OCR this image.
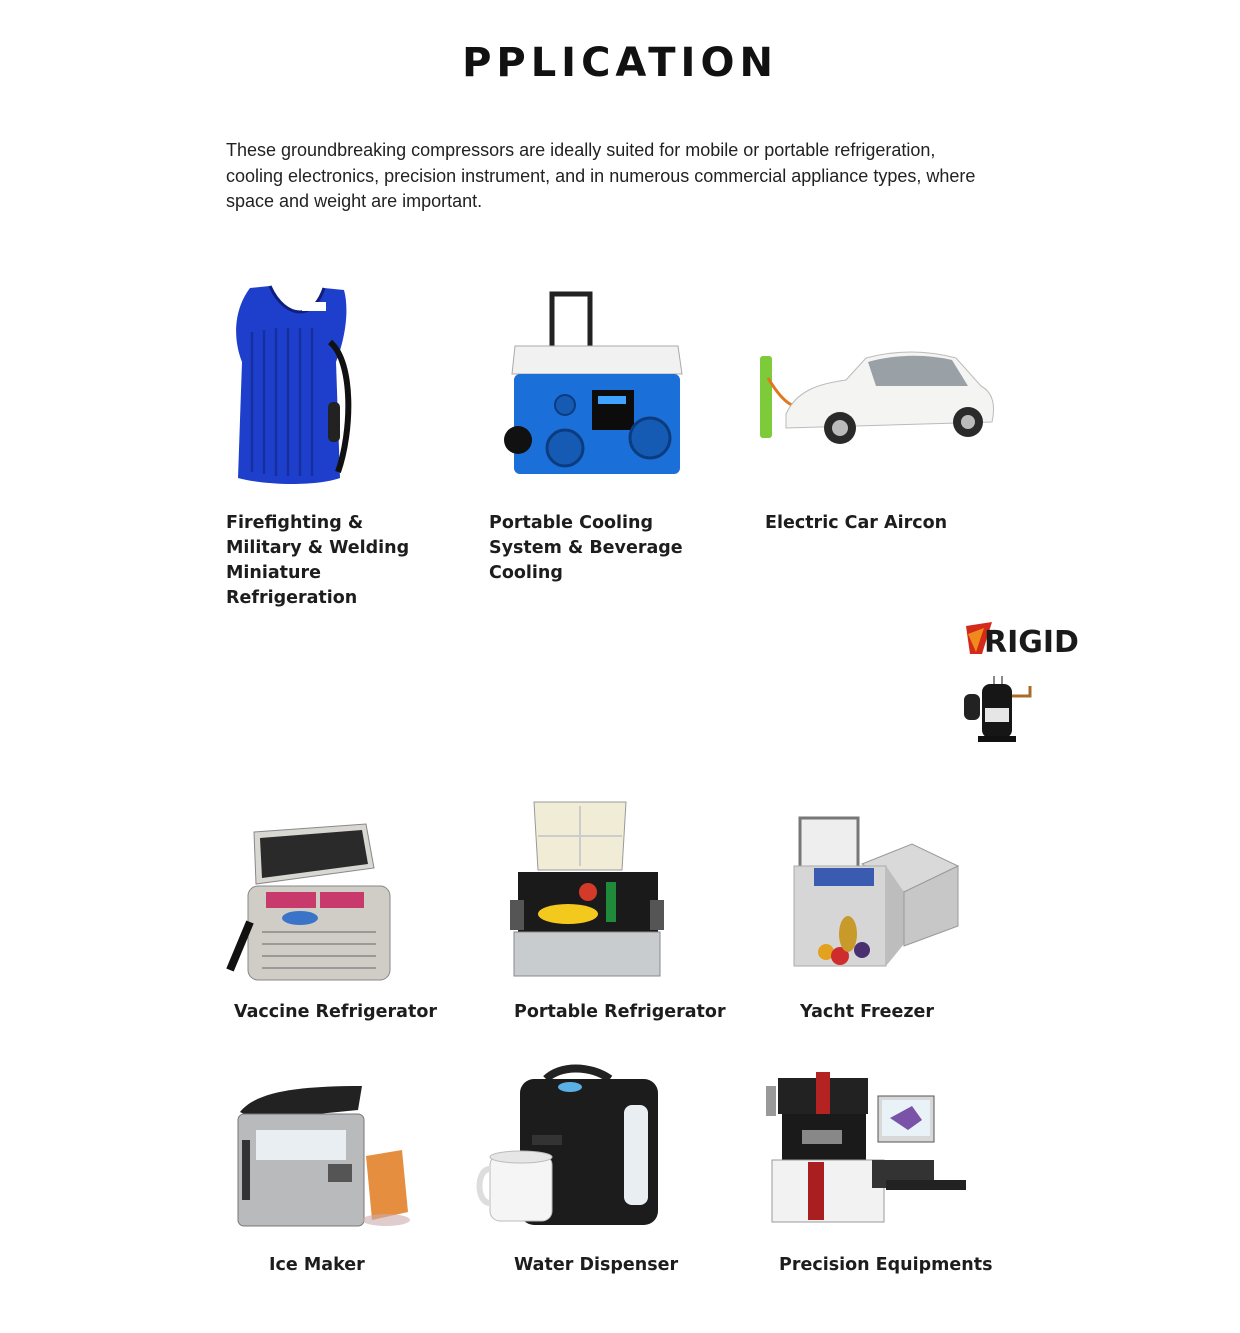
PPLICATION
These groundbreaking compressors are ideally suited for mobile or portable refrigeration, cooling electronics, precision instrument, and in numerous commercial appliance types, where space and weight are important.
Firefighting & Military & Welding Miniature Refrigeration
Portable Cooling System & Beverage Cooling
Electric Car Aircon
RIGID
Vaccine Refrigerator	Portable Refrigerator	Yacht Freezer
Ice Maker	Water Dispenser	Precision Equipments
